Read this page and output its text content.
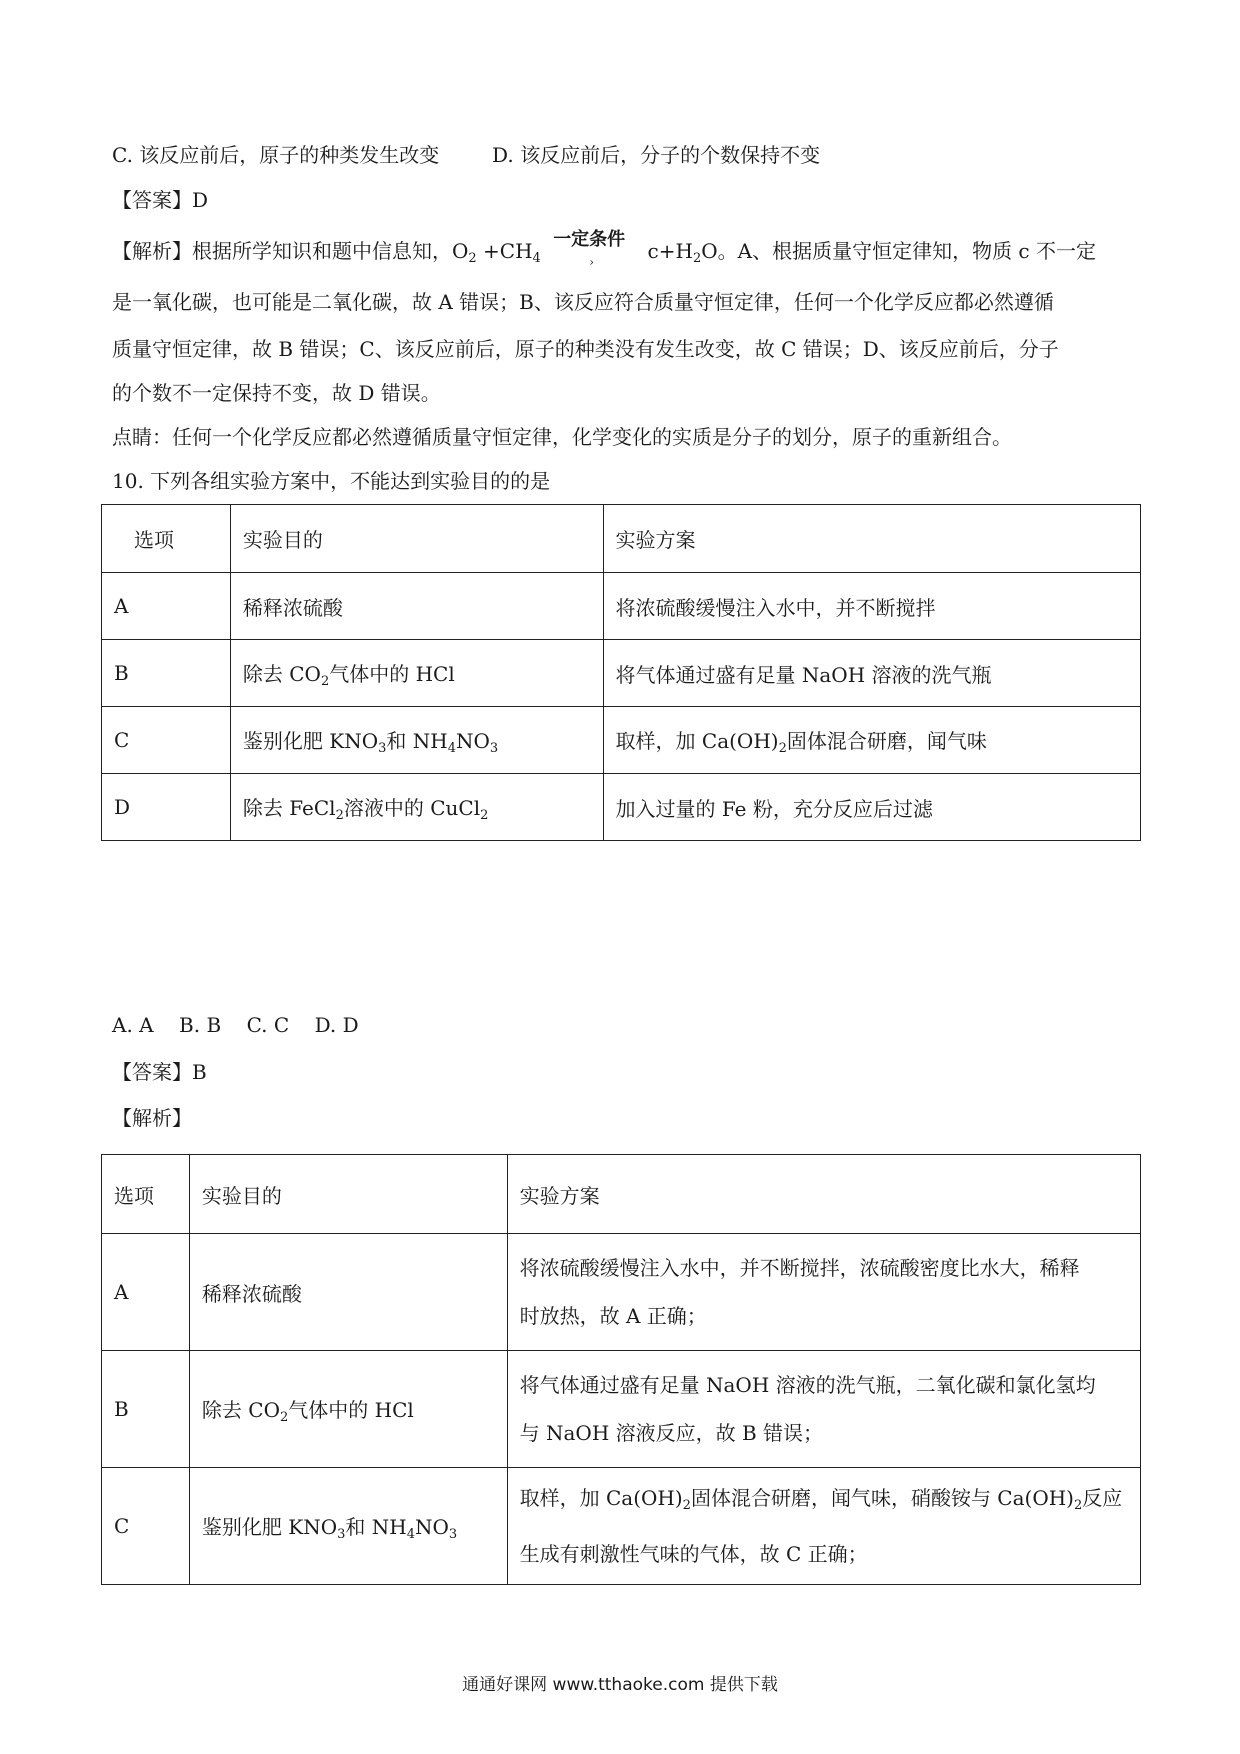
C. 该反应前后，原子的种类发生改变	D. 该反应前后，分子的个数保持不变
【答案】D
【解析】根据所学知识和题中信息知，$O_2 +CH_4$
一定条件
›	$c+H_2O$。A、根据质量守恒定律知，物质 c 不一定
是一氧化碳，也可能是二氧化碳，故 A 错误；B、该反应符合质量守恒定律，任何一个化学反应都必然遵循
质量守恒定律，故 B 错误；C、该反应前后，原子的种类没有发生改变，故 C 错误；D、该反应前后，分子
的个数不一定保持不变，故 D 错误。
点睛：任何一个化学反应都必然遵循质量守恒定律，化学变化的实质是分子的划分，原子的重新组合。
10. 下列各组实验方案中，不能达到实验目的的是
选项	实验目的	实验方案
A	稀释浓硫酸	将浓硫酸缓慢注入水中，并不断搅拌
B	除去 $CO_2$气体中的 HCl	将气体通过盛有足量 NaOH 溶液的洗气瓶
C	鉴别化肥 $KNO_3$和 $NH_4NO_3$	取样，加 $Ca(OH)_2$固体混合研磨，闻气味
D	除去 FeCl$_2$溶液中的 CuCl$_2$	加入过量的 Fe 粉，充分反应后过滤
A. A    B. B    C. C    D. D
【答案】B
【解析】
选项	实验目的	实验方案
A	稀释浓硫酸	将浓硫酸缓慢注入水中，并不断搅拌，浓硫酸密度比水大，稀释
时放热，故 A 正确；

B	除去 $CO_2$气体中的 HCl	将气体通过盛有足量 NaOH 溶液的洗气瓶，二氧化碳和氯化氢均
与 NaOH 溶液反应，故 B 错误；

C	鉴别化肥 $KNO_3$和 $NH_4NO_3$	取样，加 $Ca(OH)_2$固体混合研磨，闻气味，硝酸铵与 $Ca(OH)_2$反应
生成有刺激性气味的气体，故 C 正确；
通通好课网 www.tthaoke.com 提供下载
